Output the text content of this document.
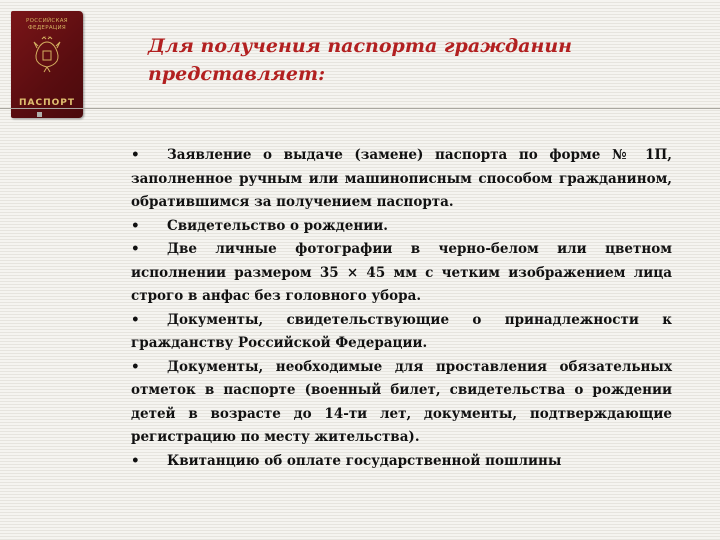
РОССИЙСКАЯ
ФЕДЕРАЦИЯ
ПАСПОРТ
Для получения паспорта гражданин представляет:
• Заявление о выдаче (замене) паспорта по форме № 1П, заполненное ручным или машинописным способом гражданином, обратившимся за получением паспорта.
• Свидетельство о рождении.
• Две личные фотографии в черно-белом или цветном исполнении размером 35 × 45 мм с четким изображением лица строго в анфас без головного убора.
• Документы, свидетельствующие о принадлежности к гражданству Российской Федерации.
• Документы, необходимые для проставления обязательных отметок в паспорте (военный билет, свидетельства о рождении детей в возрасте до 14-ти лет, документы, подтверждающие регистрацию по месту жительства).
• Квитанцию об оплате государственной пошлины
